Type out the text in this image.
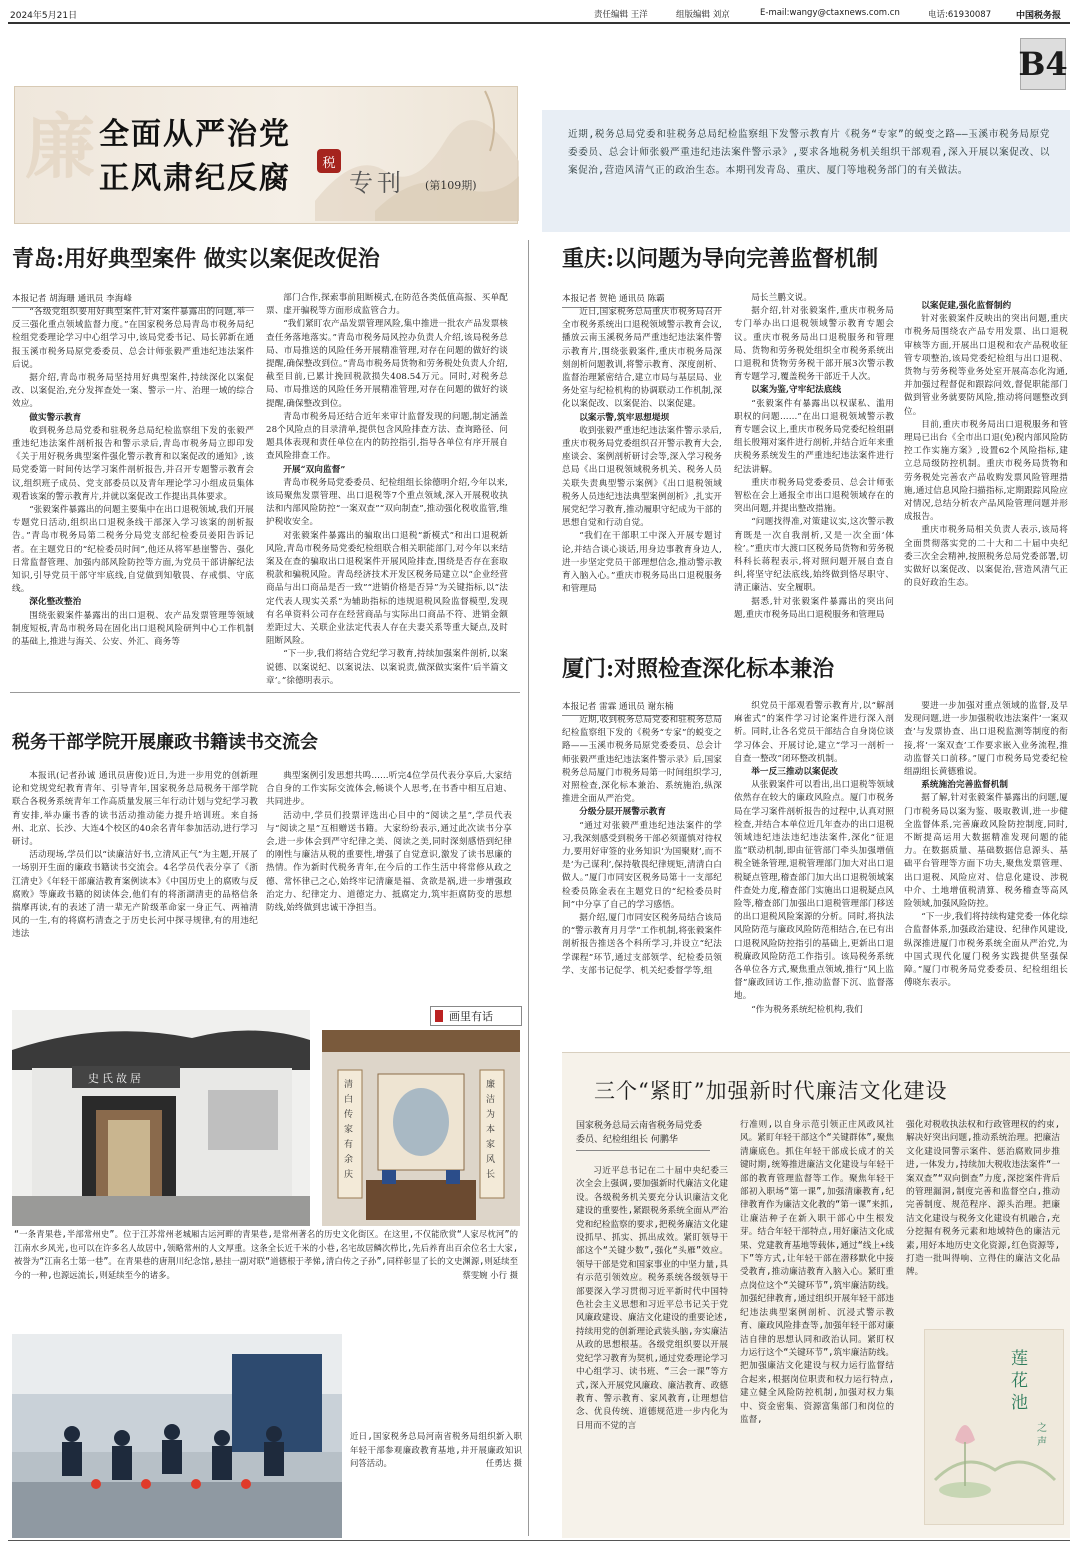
2024年5月21日	责任编辑 王洋	组版编辑 刘京	E-mail:wangy@ctaxnews.com.cn	电话:61930087	中国税务报
B4
廉 全面从严治党
正风肃纪反腐 税
专刊 (第109期)
近期,税务总局党委和驻税务总局纪检监察组下发警示教育片《税务“专家”的蜕变之路——玉溪市税务局原党委委员、总会计师张毅严重违纪违法案件警示录》,要求各地税务机关组织干部观看,深入开展以案促改、以案促治,营造风清气正的政治生态。本期刊发青岛、重庆、厦门等地税务部门的有关做法。
青岛:用好典型案件 做实以案促改促治
本报记者 胡海珊 通讯员 李海峰

“各级党组织要用好典型案件,针对案件暴露出的问题,举一反三强化重点领域监督力度。”在国家税务总局青岛市税务局纪检组党委理论学习中心组学习中,该局党委书记、局长郭新在通报玉溪市税务局原党委委员、总会计师张毅严重违纪违法案件后说。

据介绍,青岛市税务局坚持用好典型案件,持续深化以案促改、以案促治,充分发挥查处一案、警示一片、治理一域的综合效应。

做实警示教育

收到税务总局党委和驻税务总局纪检监察组下发的张毅严重违纪违法案件剖析报告和警示录后,青岛市税务局立即印发《关于用好税务典型案件强化警示教育和以案促改的通知》,该局党委第一时间传达学习案件剖析报告,并召开专题警示教育会议,组织班子成员、党支部委员以及青年理论学习小组成员集体观看该案的警示教育片,并就以案促改工作提出具体要求。

“张毅案件暴露出的问题主要集中在出口退税领域,我们开展专题党日活动,组织出口退税条线干部深入学习该案的剖析报告。”青岛市税务局第二税务分局党支部纪检委员姜阳告诉记者。在主题党日的“纪检委员时间”,他还从将军悬崖警告、强化日常监督管理、加强内部风险防控等方面,为党员干部讲解纪法知识,引导党员干部守牢底线,自觉做到知敬畏、存戒惧、守底线。

深化整改整治

围绕张毅案件暴露出的出口退税、农产品发票管理等领域制度短板,青岛市税务局在固化出口退税风险研判中心工作机制的基础上,推进与海关、公安、外汇、商务等

部门合作,探索事前阻断模式,在防范各类低值高报、买单配票、虚开骗税等方面形成监管合力。

“我们紧盯农产品发票管理风险,集中推进一批农产品发票核查任务落地落实。”青岛市税务局风控办负责人介绍,该局税务总局、市局推送的风险任务开展精准管理,对存在问题的做好约谈提醒,确保整改到位。”青岛市税务局货物和劳务税处负责人介绍,截至目前,已累计挽回税款损失408.54万元。同时,对税务总局、市局推送的风险任务开展精准管理,对存在问题的做好约谈提醒,确保整改到位。

青岛市税务局还结合近年来审计监督发现的问题,制定涵盖28个风险点的目录清单,提供包含风险排查方法、查询路径、问题具体表现和责任单位在内的防控指引,指导各单位有序开展自查风险排查工作。

开展“双向监督”

青岛市税务局党委委员、纪检组组长徐德明介绍,今年以来,该局聚焦发票管理、出口退税等7个重点领域,深入开展税收执法和内部风险防控“一案双查”“双向制查”,推动强化税收监管,维护税收安全。

对张毅案件暴露出的骗取出口退税“新模式”和出口退税新风险,青岛市税务局党委纪检组联合相关职能部门,对今年以来结案及在查的骗取出口退税案件开展风险排查,围绕是否存在套取税款和骗税风险。青岛经济技术开发区税务局建立以“企业经营商品与出口商品是否一致”“进销价格是否异”为关键指标,以“法定代表人现实关系”为辅助指标的违规退税风险监督模型,发现有名单资料公司存在经营商品与实际出口商品不符、进销金额差距过大、关联企业法定代表人存在夫妻关系等重大疑点,及时阻断风险。

“下一步,我们将结合党纪学习教育,持续加强案件剖析,以案说德、以案说纪、以案说法、以案说责,做深做实案件‘后半篇文章’。”徐德明表示。

重庆:以问题为导向完善监督机制
本报记者 贺艳 通讯员 陈霸

近日,国家税务总局重庆市税务局召开全市税务系统出口退税领域警示教育会议,播放云南玉溪税务局严重违纪违法案件警示教育片,围绕张毅案件,重庆市税务局深刻剖析问题教训,将警示教育、深度剖析、监督治理紧密结合,建立市局与基层局、业务处室与纪检机构的协调联动工作机制,深化以案促改、以案促治、以案促建。

以案示警,筑牢思想堤坝

收到张毅严重违纪违法案件警示录后,重庆市税务局党委组织召开警示教育大会,座谈会、案例剖析研讨会等,深入学习税务总局《出口退税领域税务机关、税务人员关联失责典型警示案例》《出口退税领域税务人员违纪违法典型案例剖析》,扎实开展党纪学习教育,推动履职守纪成为干部的思想自觉和行动自觉。

“我们在干部职工中深入开展专题讨论,并结合谈心谈话,用身边事教育身边人,进一步坚定党员干部理想信念,推动警示教育入脑入心。”重庆市税务局出口退税服务和管理局

局长兰鹏文说。

据介绍,针对张毅案件,重庆市税务局专门举办出口退税领域警示教育专题会议。重庆市税务局出口退税服务和管理局、货物和劳务税处组织全市税务系统出口退税和货物劳务税干部开展3次警示教育专题学习,覆盖税务干部近千人次。

以案为鉴,守牢纪法底线

“张毅案件有暴露出以权谋私、滥用职权的问题……”在出口退税领域警示教育专题会议上,重庆市税务局党委纪检组副组长殷翔对案件进行剖析,并结合近年来重庆税务系统发生的严重违纪违法案件进行纪法讲解。

重庆市税务局党委委员、总会计师张智松在会上通报全市出口退税领域存在的突出问题,并提出整改措施。

“问题找得准,对策建议实,这次警示教育既是一次自我剖析,又是一次全面‘体检’。”重庆市大渡口区税务局货物和劳务税科科长蒋程表示,将对照问题开展自查自纠,将坚守纪法底线,始终做到恪尽职守、清正廉洁、安全履职。

据悉,针对张毅案件暴露出的突出问题,重庆市税务局出口退税服务和管理局

以案促建,强化监督制约

针对张毅案件反映出的突出问题,重庆市税务局围绕农产品专用发票、出口退税审核等方面,开展出口退税和农产品税收征管专项整治,该局党委纪检组与出口退税、货物与劳务税等业务处室开展高态化沟通,并加强过程督促和跟踪问效,督促职能部门做到管业务就要防风险,推动将问题整改到位。

目前,重庆市税务局出口退税服务和管理局已出台《全市出口退(免)税内部风险防控工作实施方案》,设置62个风险指标,建立总局级防控机制。重庆市税务局货物和劳务税处完善农产品收购发票风险管理措施,通过信息风险扫描指标,定期跟踪风险应对情况,总结分析农产品风险管理问题并形成报告。

重庆市税务局相关负责人表示,该局将全面贯彻落实党的二十大和二十届中央纪委三次全会精神,按照税务总局党委部署,切实做好以案促改、以案促治,营造风清气正的良好政治生态。

厦门:对照检查深化标本兼治
本报记者 雷霖 通讯员 谢东楠

近期,收到税务总局党委和驻税务总局纪检监察组下发的《税务“专家”的蜕变之路——玉溪市税务局原党委委员、总会计师张毅严重违纪违法案件警示录》后,国家税务总局厦门市税务局第一时间组织学习,对照检查,深化标本兼治、系统施治,纵深推进全面从严治党。

分级分层开展警示教育

“通过对张毅严重违纪违法案件的学习,我深刻感受到税务干部必须谨慎对待权力,要用好审签的业务知识‘为国聚财’,而不是‘为己谋利’,保持敬畏纪律规矩,清清白白做人。”厦门市同安区税务局第十一支部纪检委员陈金表在主题党日的“纪检委员时间”中分享了自己的学习感悟。

据介绍,厦门市同安区税务局结合该局的“警示教育月月学”工作机制,将张毅案件剖析报告推送各个科所学习,并设立“纪法学课程”环节,通过支部领学、纪检委员领学、支部书记促学、机关纪委督学等,组

织党员干部观看警示教育片,以“解剖麻雀式”的案件学习讨论案件进行深入剖析。同时,让各名党员干部结合自身岗位谈学习体会、开展讨论,建立“学习一剖析一自查一整改”闭环整改机制。

举一反三推动以案促改

从张毅案件可以看出,出口退税等领域依然存在较大的廉政风险点。厦门市税务局在学习案件剖析报告的过程中,认真对照检查,并结合本单位近几年查办的出口退税领域违纪违法违纪违法案件,深化“征退监”联动机制,即由征管部门牵头加强增值税全链条管理,退税管理部门加大对出口退税疑点管理,稽查部门加大出口退税领域案件查处力度,稽查部门实施出口退税疑点风险等,稽查部门加强出口退税管理部门移送的出口退税风险案源的分析。同时,将执法风险防范与廉政风险防范相结合,在已有出口退税风险防控指引的基础上,更新出口退税廉政风险防范工作指引。该局税务系统各单位各方式,聚焦重点领域,推行“风上监督”廉政回访工作,推动监督下沉、监督落地。

“作为税务系统纪检机构,我们

要进一步加强对重点领域的监督,及早发现问题,进一步加强税收违法案件‘一案双查’与发票协查、出口退税监测等制度的衔接,将‘一案双查’工作要求嵌入业务流程,推动监督关口前移。”厦门市税务局党委纪检组副组长黄德雅说。

系统施治完善监督机制

据了解,针对张毅案件暴露出的问题,厦门市税务局以案为鉴、吸取教训,进一步健全监督体系,完善廉政风险防控制度,同时,不断提高运用大数据精准发现问题的能力。在数据质量、基础数据信息源头、基础平台管理等方面下功夫,聚焦发票管理、出口退税、风险应对、信息化建设、涉税中介、土地增值税清算、税务稽查等高风险领域,加强风险防控。

“下一步,我们将持续构建党委一体化综合监督体系,加强政治建设、纪律作风建设,纵深推进厦门市税务系统全面从严治党,为中国式现代化厦门税务实践提供坚强保障。”厦门市税务局党委委员、纪检组组长傅晓东表示。

税务干部学院开展廉政书籍读书交流会

本报讯(记者孙诚 通讯员唐俊)近日,为进一步用党的创新理论和党规党纪教育青年、引导青年,国家税务总局税务干部学院联合各税务系统青年工作高质量发展三年行动计划与党纪学习教育安排,举办廉书香的读书活动推动能力提升培训班。来自扬州、北京、长沙、大连4个校区的40余名青年参加活动,进行学习研讨。

活动现场,学员们以“读廉洁好书,立清风正气”为主题,开展了一场别开生面的廉政书籍读书交流会。4名学员代表分享了《浙江清史》《年轻干部廉洁教育案例读本》《中国历史上的腐败与反腐败》等廉政书籍的阅读体会,他们有的将浙湖清吏的品格信条揣摩再读,有的表述了清一辈无产阶级革命家一身正气、两袖清风的一生,有的将腐朽清查之于历史长河中探寻规律,有的用违纪违法

典型案例引发思想共鸣……听完4位学员代表分享后,大家结合自身的工作实际交流体会,畅谈个人思考,在书香中相互启迪、共同进步。

活动中,学员们投票评选出心目中的“阅读之星”,学员代表与“阅读之星”互相赠送书籍。大家纷纷表示,通过此次读书分享会,进一步体会到严守纪律之美、阅读之美,同时深刻感悟到纪律的刚性与廉洁从税的重要性,增强了自觉意识,激发了读书思廉的热情。作为新时代税务青年,在今后的工作生活中将常修从政之德、常怀律己之心,始终牢记清廉是福、贪欲是祸,进一步增强政治定力、纪律定力、道德定力、抵腐定力,筑牢拒腐防变的思想防线,始终做到忠诚干净担当。

画里有话
史氏故居	清白传家有余庆
廉洁为本家风长
“一条青果巷,半部常州史”。位于江苏常州老城厢古运河畔的青果巷,是常州著名的历史文化街区。在这里,不仅能欣赏“人家尽枕河”的江南水乡风光,也可以在许多名人故居中,领略常州的人文厚重。这条全长近千米的小巷,名宅故居鳞次栉比,先后养育出百余位名士大家,被誉为“江南名士第一巷”。在青果巷的唐荆川纪念馆,悬挂一副对联“道德根于孝悌,清白传之子孙”,同样彰显了长的文史渊源,则延续至今的一种,也源远流长,则延续至今的诸多。	蔡雯婉 小行 摄
近日,国家税务总局河南省税务局组织新入职年轻干部参观廉政教育基地,并开展廉政知识问答活动。	任勇达 摄
三个“紧盯”加强新时代廉洁文化建设
国家税务总局云南省税务局党委委员、纪检组组长 何鹏华
习近平总书记在二十届中央纪委三次全会上强调,要加强新时代廉洁文化建设。各级税务机关要充分认识廉洁文化建设的重要性,紧跟税务系统全面从严治党和纪检监察的要求,把税务廉洁文化建设抓早、抓实、抓出成效。紧盯领导干部这个“关键少数”,强化“头雁”效应。领导干部是党和国家事业的中坚力量,具有示范引领效应。税务系统各级领导干部要深入学习贯彻习近平新时代中国特色社会主义思想和习近平总书记关于党风廉政建设、廉洁文化建设的重要论述,持续用党的创新理论武装头脑,夯实廉洁从政的思想根基。各级党组织要以开展党纪学习教育为契机,通过党委理论学习中心组学习、读书班、“三会一课”等方式,深入开展党风廉政、廉洁教育、政德教育、警示教育、家风教育,让理想信念、优良传统、道德规范进一步内化为日用而不觉的言
行准则,以自身示范引领正庄风政风社风。紧盯年轻干部这个“关键群体”,聚焦清廉底色。抓住年轻干部成长成才的关键时期,统筹推进廉洁文化建设与年轻干部的教育管理监督等工作。聚焦年轻干部初入职场“第一课”,加强清廉教育,纪律教育作为廉洁文化教的“第一课”来抓,让廉洁种子在新入职干部心中生根发芽。结合年轻干部特点,用好廉洁文化成果、党建教育基地等载体,通过“线上+线下”等方式,让年轻干部在潜移默化中接受教育,推动廉洁教育入脑入心。紧盯重点岗位这个“关键环节”,筑牢廉洁防线。加强纪律教育,通过组织开展年轻干部违纪违法典型案例剖析、沉浸式警示教育、廉政风险排查等,加强年轻干部对廉洁自律的思想认同和政治认同。紧盯权力运行这个“关键环节”,筑牢廉洁防线。把加强廉洁文化建设与权力运行监督结合起来,根据岗位职责和权力运行特点,建立健全风险防控机制,加强对权力集中、资金密集、资源富集部门和岗位的监督,
强化对税收执法权和行政管理权的约束,解决好突出问题,推动系统治理。把廉洁文化建设同警示案件、惩治腐败同步推进,一体发力,持续加大税收违法案件“一案双查”“双向倒查”力度,深挖案件背后的管理漏洞,制度完善和监督空白,推动完善制度、规范程序、源头治理。把廉洁文化建设与税务文化建设有机融合,充分挖掘有税务元素和地域特色的廉洁元素,用好本地历史文化资源,红色资源等,打造一批叫得响、立得住的廉洁文化品牌。
莲花池
之声
